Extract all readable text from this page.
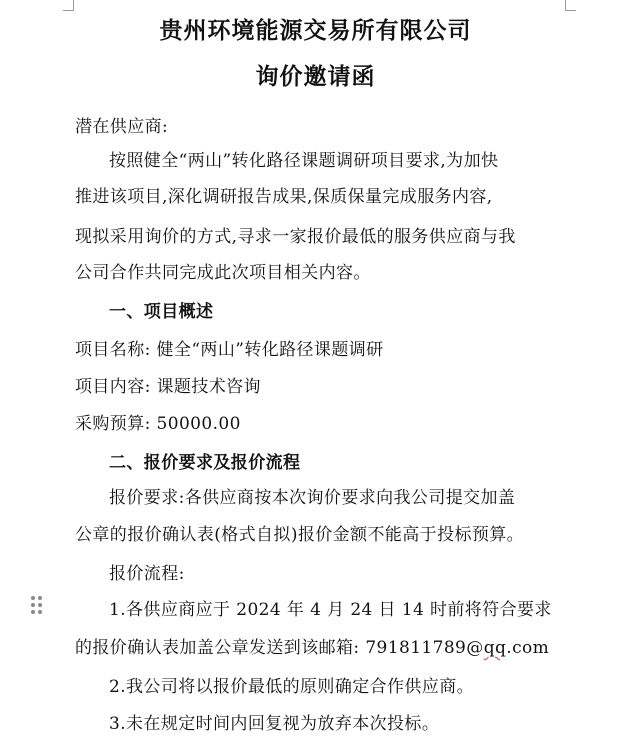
贵州环境能源交易所有限公司
询价邀请函
潜在供应商:
按照健全“两山”转化路径课题调研项目要求,为加快
推进该项目,深化调研报告成果,保质保量完成服务内容,
现拟采用询价的方式,寻求一家报价最低的服务供应商与我
公司合作共同完成此次项目相关内容。
一、项目概述
项目名称: 健全“两山”转化路径课题调研
项目内容: 课题技术咨询
采购预算: 50000.00
二、报价要求及报价流程
报价要求:各供应商按本次询价要求向我公司提交加盖
公章的报价确认表(格式自拟)报价金额不能高于投标预算。
报价流程:
1.各供应商应于 2024 年 4 月 24 日 14 时前将符合要求
的报价确认表加盖公章发送到该邮箱: 791811789@qq.com
2.我公司将以报价最低的原则确定合作供应商。
3.未在规定时间内回复视为放弃本次投标。
